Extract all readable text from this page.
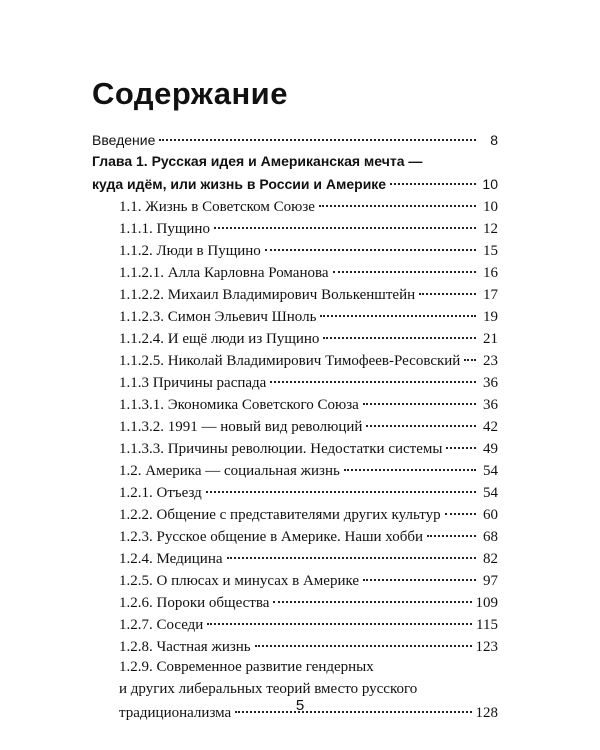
Содержание
Введение	8
Глава 1. Русская идея и Американская мечта —
куда идём, или жизнь в России и Америке	10
1.1. Жизнь в Советском Союзе	10
1.1.1. Пущино	12
1.1.2. Люди в Пущино	15
1.1.2.1. Алла Карловна Романова	16
1.1.2.2. Михаил Владимирович Волькенштейн	17
1.1.2.3. Симон Эльевич Шноль	19
1.1.2.4. И ещё люди из Пущино	21
1.1.2.5. Николай Владимирович Тимофеев-Ресовский 23
1.1.3 Причины распада	36
1.1.3.1. Экономика Советского Союза	36
1.1.3.2. 1991 — новый вид революций	42
1.1.3.3. Причины революции. Недостатки системы	49
1.2. Америка — социальная жизнь	54
1.2.1. Отъезд	54
1.2.2. Общение с представителями других культур	60
1.2.3. Русское общение в Америке. Наши хобби	68
1.2.4. Медицина	82
1.2.5. О плюсах и минусах в Америке	97
1.2.6. Пороки общества	109
1.2.7. Соседи	115
1.2.8. Частная жизнь	123
1.2.9. Современное развитие гендерных
и других либеральных теорий вместо русского
традиционализма	128
5
